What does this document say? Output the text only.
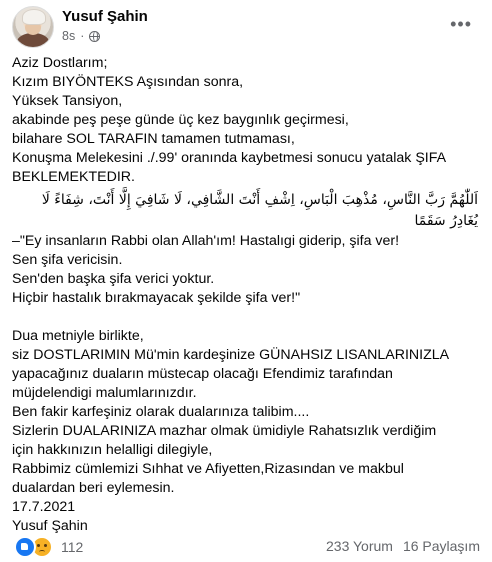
Yusuf Şahin
8s ·
•••
Aziz Dostlarım;
Kızım BIYÖNTEKS Aşısından sonra,
Yüksek Tansiyon,
akabinde peş peşe günde üç kez baygınlık geçirmesi,
bilahare SOL TARAFIN tamamen tutmaması,
Konuşma Melekesini ./.99' oranında kaybetmesi sonucu yatalak ŞIFA
BEKLEMEKTEDIR.
اَللّٰهُمَّ رَبَّ النَّاسِ، مُذْهِبَ الْبَاسِ، اِشْفِ أَنْتَ الشَّافِي، لَا شَافِيَ إِلَّا أَنْتَ، شِفَاءً لَا يُغَادِرُ سَقَمًا
–"Ey insanların Rabbi olan Allah'ım! Hastalıgi giderip, şifa ver!
Sen şifa vericisin.
Sen'den başka şifa verici yoktur.
Hiçbir hastalık bırakmayacak şekilde şifa ver!"
Dua metniyle birlikte,
siz DOSTLARIMIN Mü'min kardeşinize GÜNAHSIZ LISANLARINIZLA
yapacağınız duaların müstecap olacağı Efendimiz tarafından
müjdelendigi malumlarınızdır.
Ben fakir karfeşiniz olarak dualarınıza talibim....
Sizlerin DUALARINIZA mazhar olmak ümidiyle Rahatsızlık verdiğim
için hakkınızın helalligi dilegiyle,
Rabbimiz cümlemizi Sıhhat ve Afiyetten,Rizasından ve makbul
dualardan beri eylemesin.
17.7.2021
Yusuf Şahin
112	233 Yorum 16 Paylaşım
